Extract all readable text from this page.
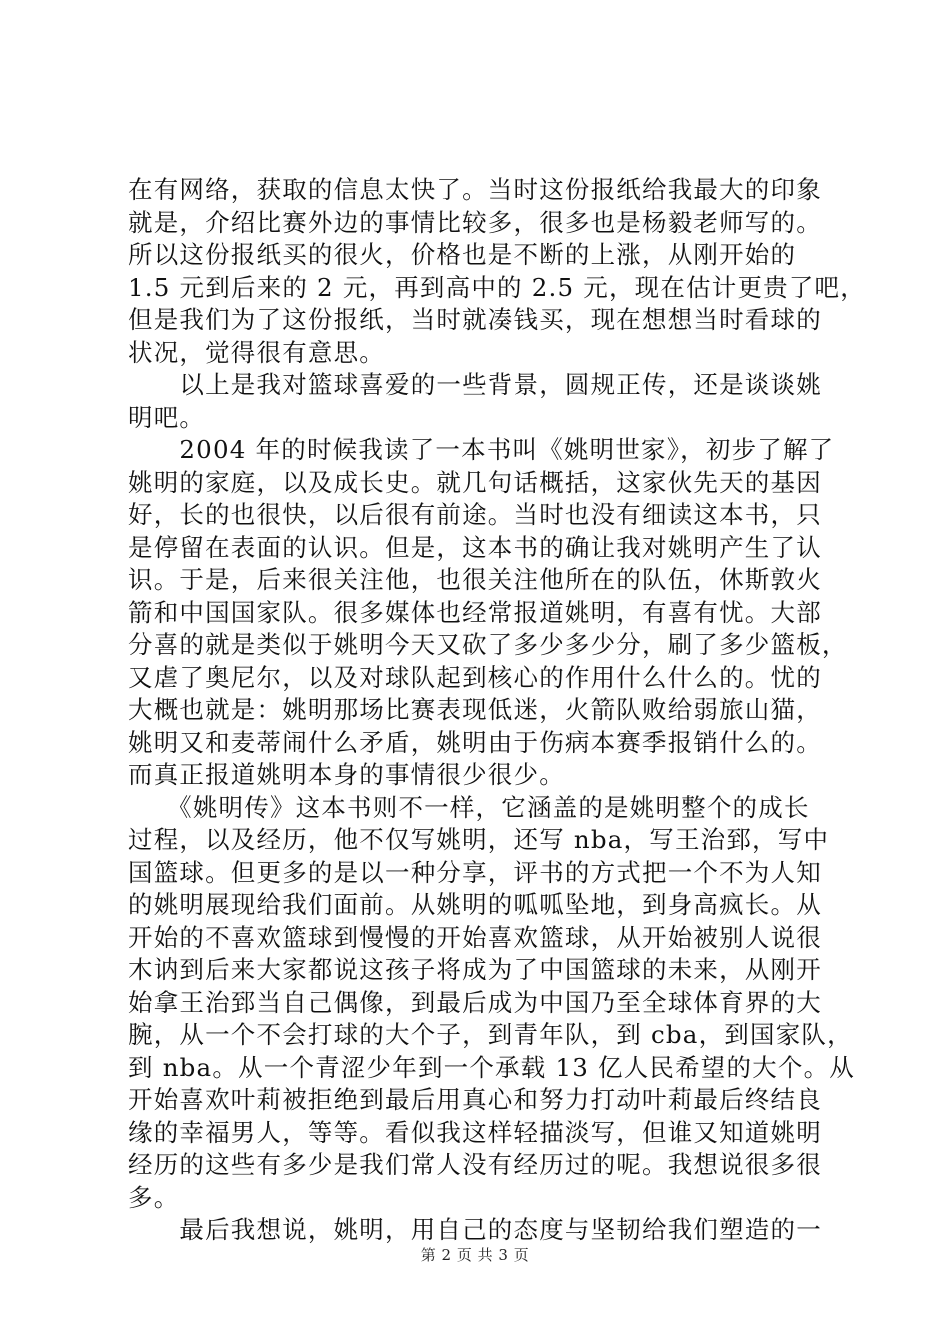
在有网络，获取的信息太快了。当时这份报纸给我最大的印象
就是，介绍比赛外边的事情比较多，很多也是杨毅老师写的。
所以这份报纸买的很火，价格也是不断的上涨，从刚开始的
1.5 元到后来的 2 元，再到高中的 2.5 元，现在估计更贵了吧，
但是我们为了这份报纸，当时就凑钱买，现在想想当时看球的
状况，觉得很有意思。
　　以上是我对篮球喜爱的一些背景，圆规正传，还是谈谈姚
明吧。
　　2004 年的时候我读了一本书叫《姚明世家》，初步了解了
姚明的家庭，以及成长史。就几句话概括，这家伙先天的基因
好，长的也很快，以后很有前途。当时也没有细读这本书，只
是停留在表面的认识。但是，这本书的确让我对姚明产生了认
识。于是，后来很关注他，也很关注他所在的队伍，休斯敦火
箭和中国国家队。很多媒体也经常报道姚明，有喜有忧。大部
分喜的就是类似于姚明今天又砍了多少多少分，刷了多少篮板，
又虐了奥尼尔，以及对球队起到核心的作用什么什么的。忧的
大概也就是：姚明那场比赛表现低迷，火箭队败给弱旅山猫，
姚明又和麦蒂闹什么矛盾，姚明由于伤病本赛季报销什么的。
而真正报道姚明本身的事情很少很少。
　　《姚明传》这本书则不一样，它涵盖的是姚明整个的成长
过程，以及经历，他不仅写姚明，还写 nba，写王治郅，写中
国篮球。但更多的是以一种分享，评书的方式把一个不为人知
的姚明展现给我们面前。从姚明的呱呱坠地，到身高疯长。从
开始的不喜欢篮球到慢慢的开始喜欢篮球，从开始被别人说很
木讷到后来大家都说这孩子将成为了中国篮球的未来，从刚开
始拿王治郅当自己偶像，到最后成为中国乃至全球体育界的大
腕，从一个不会打球的大个子，到青年队，到 cba，到国家队，
到 nba。从一个青涩少年到一个承载 13 亿人民希望的大个。从
开始喜欢叶莉被拒绝到最后用真心和努力打动叶莉最后终结良
缘的幸福男人，等等。看似我这样轻描淡写，但谁又知道姚明
经历的这些有多少是我们常人没有经历过的呢。我想说很多很
多。
　　最后我想说，姚明，用自己的态度与坚韧给我们塑造的一
第 2 页 共 3 页
